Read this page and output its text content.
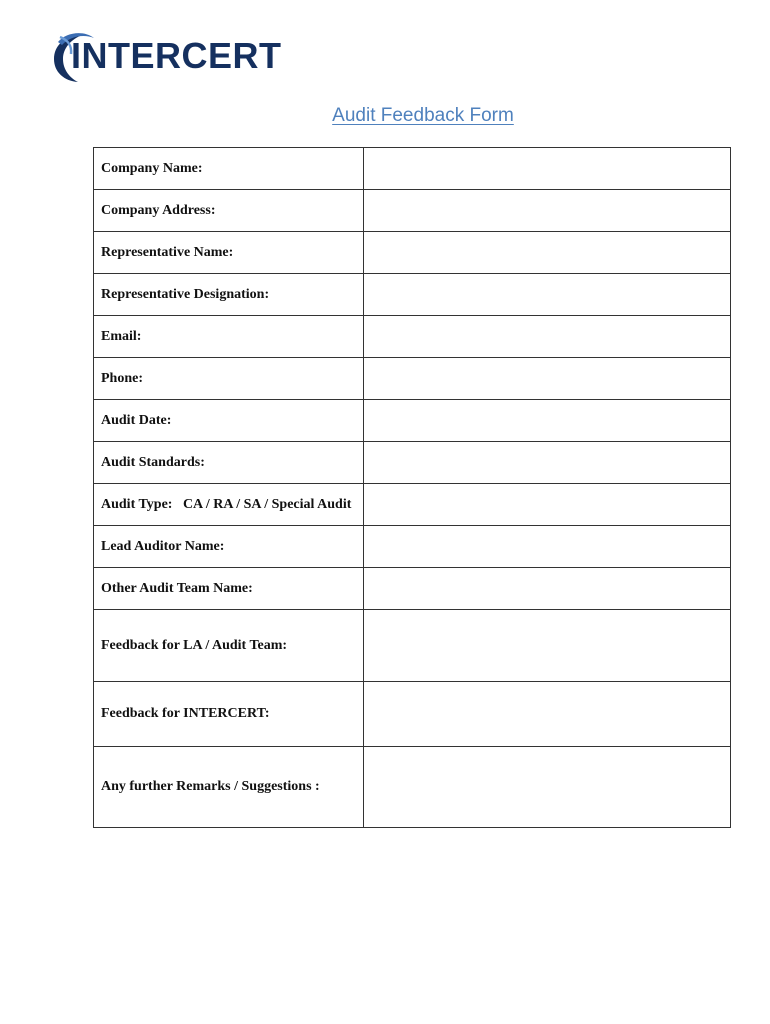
INTERCERT
Audit Feedback Form
Company Name:	

Company Address:	

Representative Name:	

Representative Designation:	

Email:	

Phone:	

Audit Date:	

Audit Standards:	

Audit Type:   CA / RA / SA / Special Audit	

Lead Auditor Name:	

Other Audit Team Name:	

Feedback for LA / Audit Team:	

Feedback for INTERCERT:	

Any further Remarks / Suggestions :	
